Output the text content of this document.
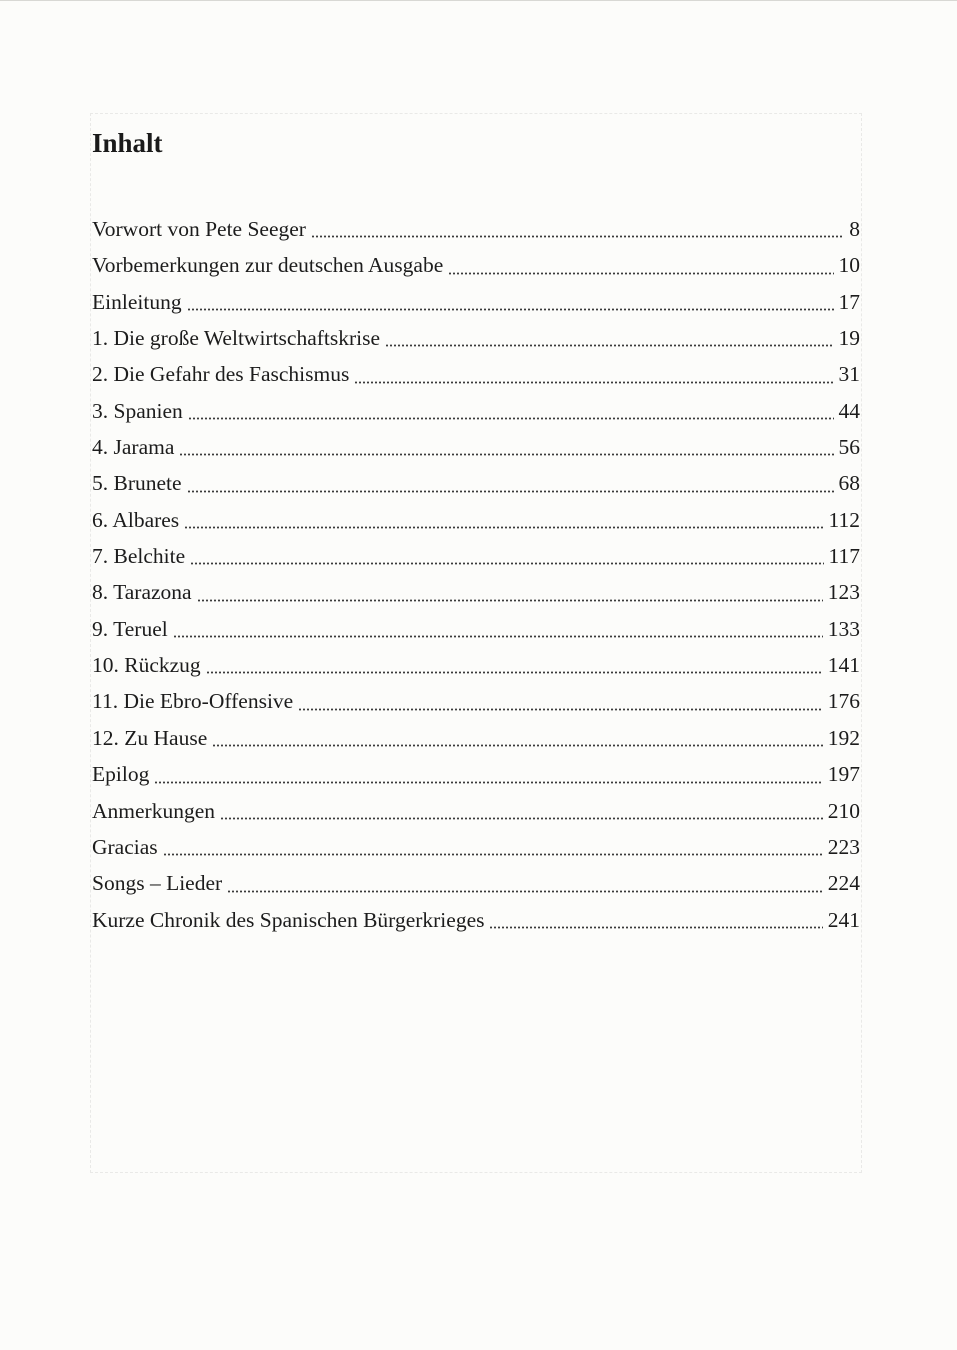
Inhalt
Vorwort von Pete Seeger	8
Vorbemerkungen zur deutschen Ausgabe	10
Einleitung	17
1. Die große Weltwirtschaftskrise	19
2. Die Gefahr des Faschismus	31
3. Spanien	44
4. Jarama	56
5. Brunete	68
6. Albares	112
7. Belchite	117
8. Tarazona	123
9. Teruel	133
10. Rückzug	141
11. Die Ebro-Offensive	176
12. Zu Hause	192
Epilog	197
Anmerkungen	210
Gracias	223
Songs – Lieder	224
Kurze Chronik des Spanischen Bürgerkrieges	241
